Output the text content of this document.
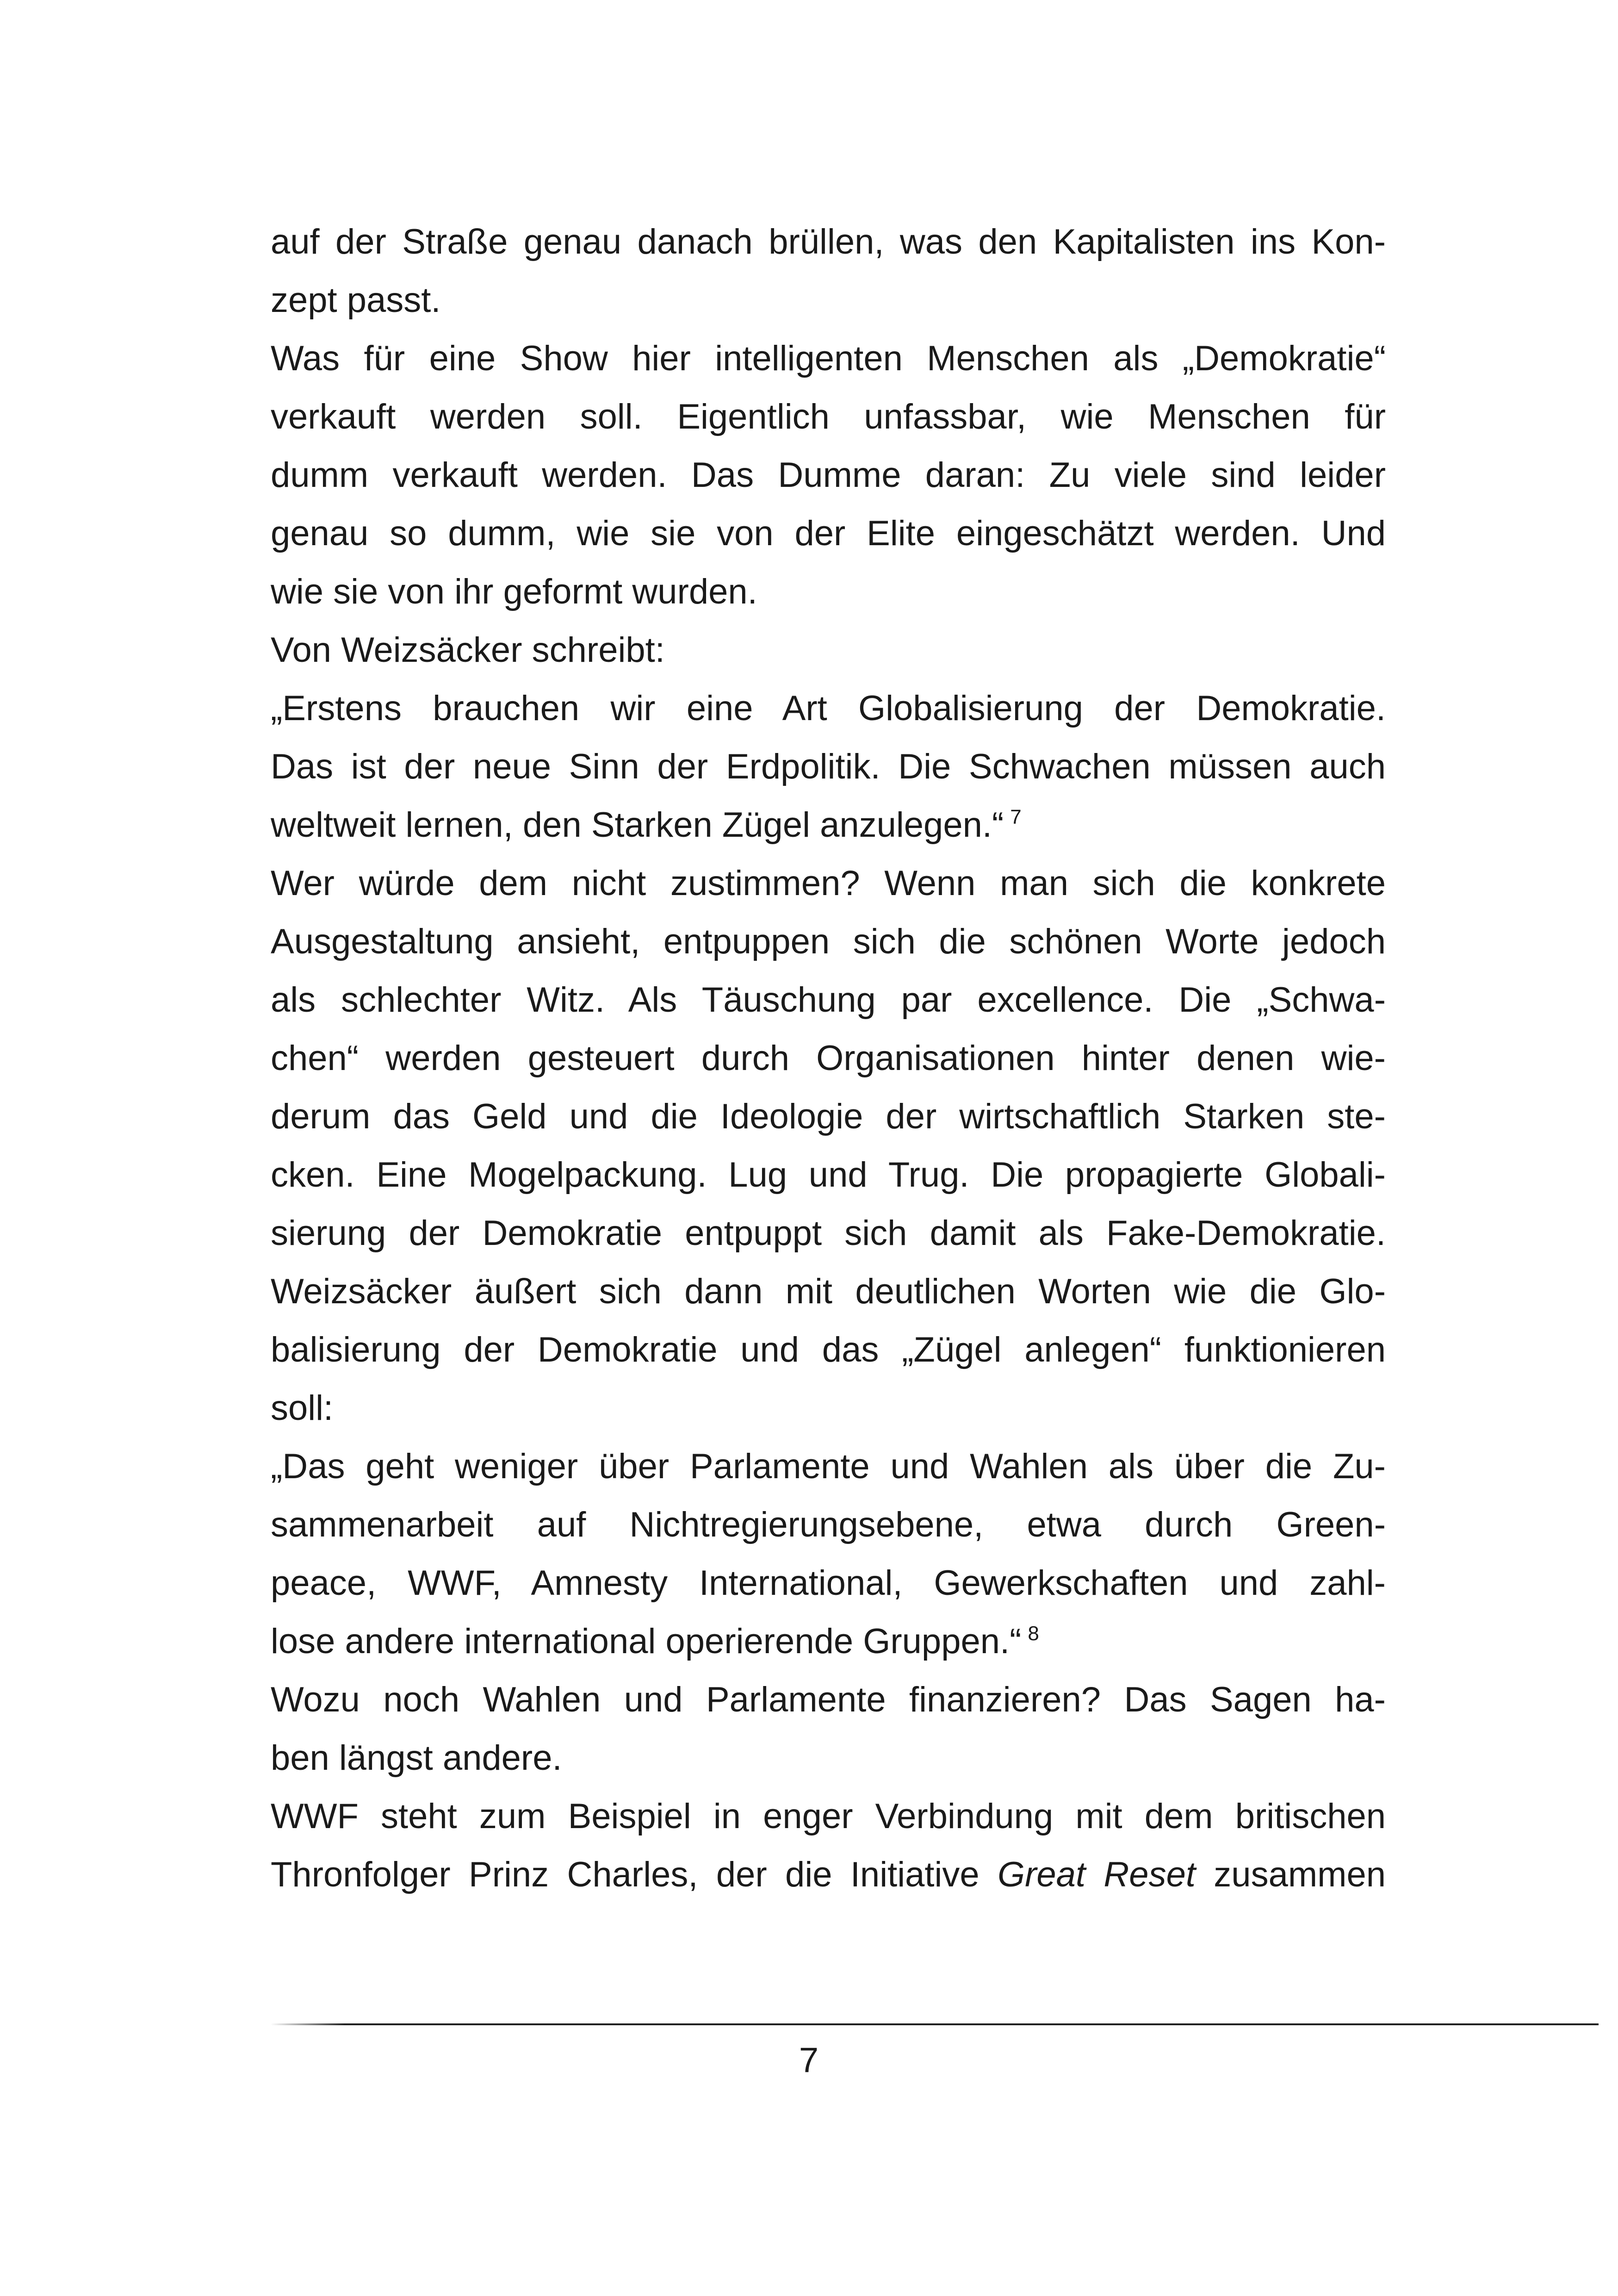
auf der Straße genau danach brüllen, was den Kapitalisten ins Kon-
zept passt.
Was für eine Show hier intelligenten Menschen als „Demokratie“
verkauft werden soll. Eigentlich unfassbar, wie Menschen für
dumm verkauft werden. Das Dumme daran: Zu viele sind leider
genau so dumm, wie sie von der Elite eingeschätzt werden. Und
wie sie von ihr geformt wurden.
Von Weizsäcker schreibt:
„Erstens brauchen wir eine Art Globalisierung der Demokratie.
Das ist der neue Sinn der Erdpolitik. Die Schwachen müssen auch
weltweit lernen, den Starken Zügel anzulegen.“ $^7$
Wer würde dem nicht zustimmen? Wenn man sich die konkrete
Ausgestaltung ansieht, entpuppen sich die schönen Worte jedoch
als schlechter Witz. Als Täuschung par excellence. Die „Schwa-
chen“ werden gesteuert durch Organisationen hinter denen wie-
derum das Geld und die Ideologie der wirtschaftlich Starken ste-
cken. Eine Mogelpackung. Lug und Trug. Die propagierte Globali-
sierung der Demokratie entpuppt sich damit als Fake-Demokratie.
Weizsäcker äußert sich dann mit deutlichen Worten wie die Glo-
balisierung der Demokratie und das „Zügel anlegen“ funktionieren
soll:
„Das geht weniger über Parlamente und Wahlen als über die Zu-
sammenarbeit auf Nichtregierungsebene, etwa durch Green-
peace, WWF, Amnesty International, Gewerkschaften und zahl-
lose andere international operierende Gruppen.“ $^8$
Wozu noch Wahlen und Parlamente finanzieren? Das Sagen ha-
ben längst andere.
WWF steht zum Beispiel in enger Verbindung mit dem britischen
Thronfolger Prinz Charles, der die Initiative Great Reset zusammen
7
